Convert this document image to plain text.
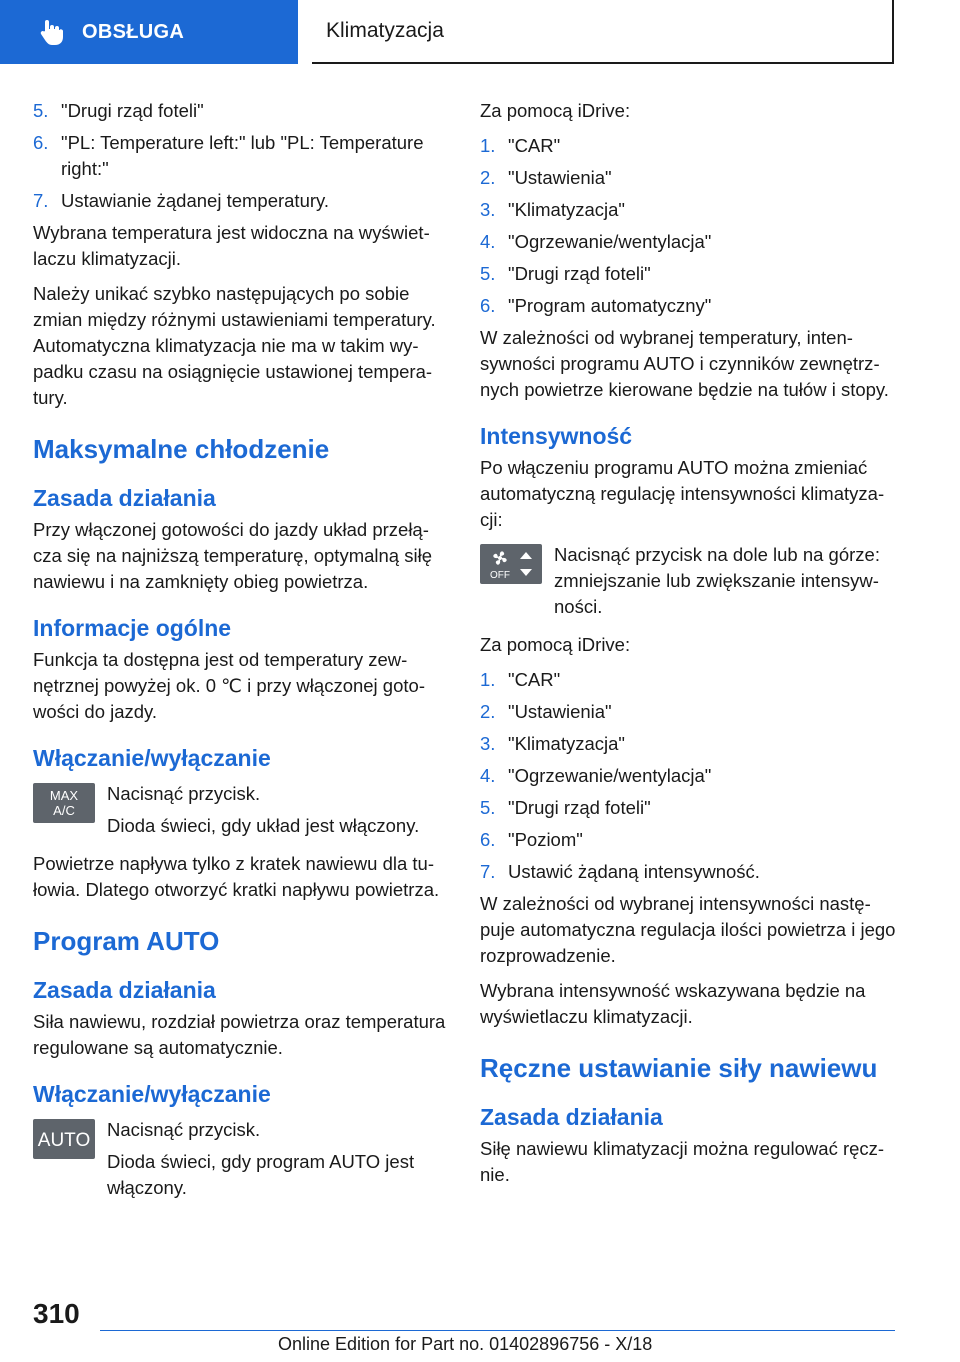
OBSŁUGA	Klimatyzacja
5. "Drugi rząd foteli"
6. "PL: Temperature left:" lub "PL: Temperature right:"
7. Ustawianie żądanej temperatury.

Wybrana temperatura jest widoczna na wyświetlaczu klimatyzacji.

Należy unikać szybko następujących po sobie zmian między różnymi ustawieniami temperatury. Automatyczna klimatyzacja nie ma w takim wypadku czasu na osiągnięcie ustawionej temperatury.

Maksymalne chłodzenie
Zasada działania

Przy włączonej gotowości do jazdy układ przełącza się na najniższą temperaturę, optymalną siłę nawiewu i na zamknięty obieg powietrza.

Informacje ogólne

Funkcja ta dostępna jest od temperatury zewnętrznej powyżej ok. 0 ℃ i przy włączonej gotowości do jazdy.

Włączanie/wyłączanie
MAX
A/C

Nacisnąć przycisk.

Dioda świeci, gdy układ jest włączony.

Powietrze napływa tylko z kratek nawiewu dla tułowia. Dlatego otworzyć kratki napływu powietrza.

Program AUTO
Zasada działania

Siła nawiewu, rozdział powietrza oraz temperatura regulowane są automatycznie.

Włączanie/wyłączanie
AUTO

Nacisnąć przycisk.

Dioda świeci, gdy program AUTO jest włączony.

Za pomocą iDrive:

1. "CAR"
2. "Ustawienia"
3. "Klimatyzacja"
4. "Ogrzewanie/wentylacja"
5. "Drugi rząd foteli"
6. "Program automatyczny"

W zależności od wybranej temperatury, intensywności programu AUTO i czynników zewnętrznych powietrze kierowane będzie na tułów i stopy.

Intensywność

Po włączeniu programu AUTO można zmieniać automatyczną regulację intensywności klimatyzacji:

OFF

Nacisnąć przycisk na dole lub na górze: zmniejszanie lub zwiększanie intensywności.

Za pomocą iDrive:

1. "CAR"
2. "Ustawienia"
3. "Klimatyzacja"
4. "Ogrzewanie/wentylacja"
5. "Drugi rząd foteli"
6. "Poziom"
7. Ustawić żądaną intensywność.

W zależności od wybranej intensywności następuje automatyczna regulacja ilości powietrza i jego rozprowadzenie.

Wybrana intensywność wskazywana będzie na wyświetlaczu klimatyzacji.

Ręczne ustawianie siły nawiewu
Zasada działania

Siłę nawiewu klimatyzacji można regulować ręcznie.

310
Online Edition for Part no. 01402896756 - X/18
